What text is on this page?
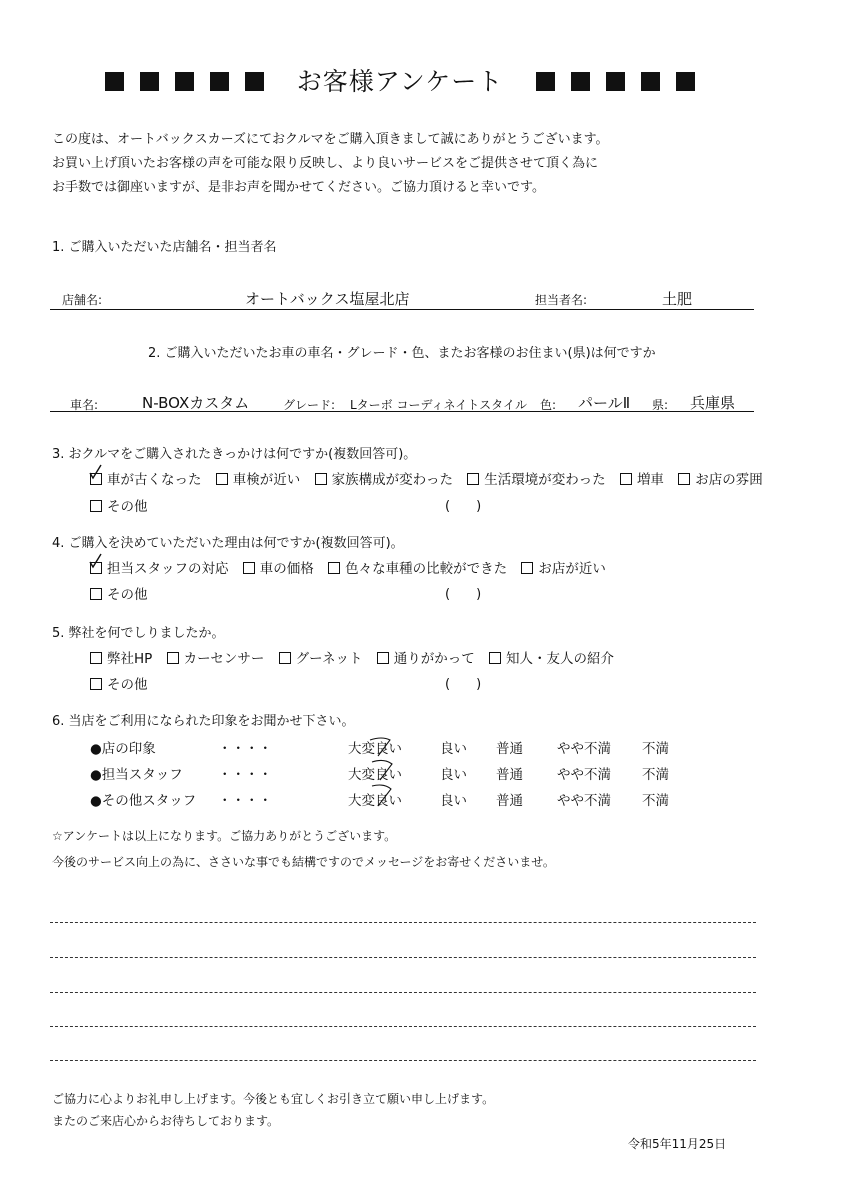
お客様アンケート
この度は、オートバックスカーズにておクルマをご購入頂きまして誠にありがとうございます。
お買い上げ頂いたお客様の声を可能な限り反映し、より良いサービスをご提供させて頂く為に
お手数では御座いますが、是非お声を聞かせてください。ご協力頂けると幸いです。
1. ご購入いただいた店舗名・担当者名
店舗名:	オートバックス塩屋北店	担当者名:	土肥
2. ご購入いただいたお車の車名・グレード・色、またお客様のお住まい(県)は何ですか
車名:	N-BOXカスタム	グレード: Lターボ コーディネイトスタイル 色: パールⅡ 県: 兵庫県
3. おクルマをご購入されたきっかけは何ですか(複数回答可)。
車が古くなった 車検が近い 家族構成が変わった 生活環境が変わった 増車 お店の雰囲
その他	(　　)
4. ご購入を決めていただいた理由は何ですか(複数回答可)。
担当スタッフの対応 車の価格 色々な車種の比較ができた お店が近い
その他	(　　)
5. 弊社を何でしりましたか。
弊社HP カーセンサー グーネット 通りがかって 知人・友人の紹介
その他	(　　)
6. 当店をご利用になられた印象をお聞かせ下さい。
●店の印象	・・・・	大変良い	良い 普通	やや不満 不満
●担当スタッフ	・・・・	大変良い	良い 普通	やや不満 不満
●その他スタッフ ・・・・	大変良い	良い 普通	やや不満 不満
☆アンケートは以上になります。ご協力ありがとうございます。
今後のサービス向上の為に、ささいな事でも結構ですのでメッセージをお寄せくださいませ。
ご協力に心よりお礼申し上げます。今後とも宜しくお引き立て願い申し上げます。
またのご来店心からお待ちしております。
令和5年11月25日
